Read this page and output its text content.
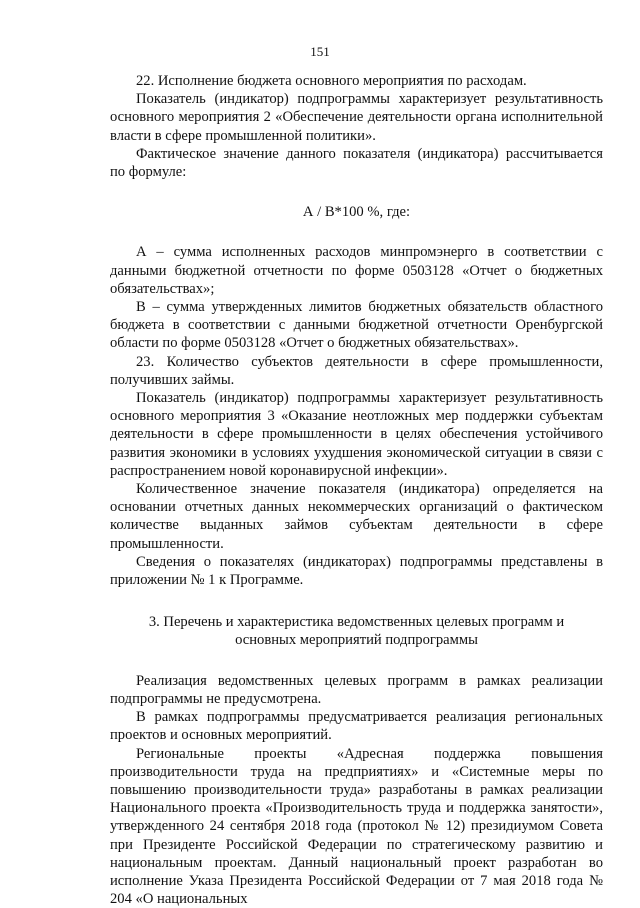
151

22. Исполнение бюджета основного мероприятия по расходам.

Показатель (индикатор) подпрограммы характеризует результативность основного мероприятия 2 «Обеспечение деятельности органа исполнительной власти в сфере промышленной политики».

Фактическое значение данного показателя (индикатора) рассчитывается по формуле:

А / В*100 %, где:

А – сумма исполненных расходов минпромэнерго в соответствии с данными бюджетной отчетности по форме 0503128 «Отчет о бюджетных обязательствах»;

В – сумма утвержденных лимитов бюджетных обязательств областного бюджета в соответствии с данными бюджетной отчетности Оренбургской области по форме 0503128 «Отчет о бюджетных обязательствах».

23. Количество субъектов деятельности в сфере промышленности, получивших займы.

Показатель (индикатор) подпрограммы характеризует результативность основного мероприятия 3 «Оказание неотложных мер поддержки субъектам деятельности в сфере промышленности в целях обеспечения устойчивого развития экономики в условиях ухудшения экономической ситуации в связи с распространением новой коронавирусной инфекции».

Количественное значение показателя (индикатора) определяется на основании отчетных данных некоммерческих организаций о фактическом количестве выданных займов субъектам деятельности в сфере промышленности.

Сведения о показателях (индикаторах) подпрограммы представлены в приложении № 1 к Программе.

3. Перечень и характеристика ведомственных целевых программ и
основных мероприятий подпрограммы

Реализация ведомственных целевых программ в рамках реализации подпрограммы не предусмотрена.

В рамках подпрограммы предусматривается реализация региональных проектов и основных мероприятий.

Региональные проекты «Адресная поддержка повышения производительности труда на предприятиях» и «Системные меры по повышению производительности труда» разработаны в рамках реализации Национального проекта «Производительность труда и поддержка занятости», утвержденного 24 сентября 2018 года (протокол № 12) президиумом Совета при Президенте Российской Федерации по стратегическому развитию и национальным проектам. Данный национальный проект разработан во исполнение Указа Президента Российской Федерации от 7 мая 2018 года № 204 «О национальных
